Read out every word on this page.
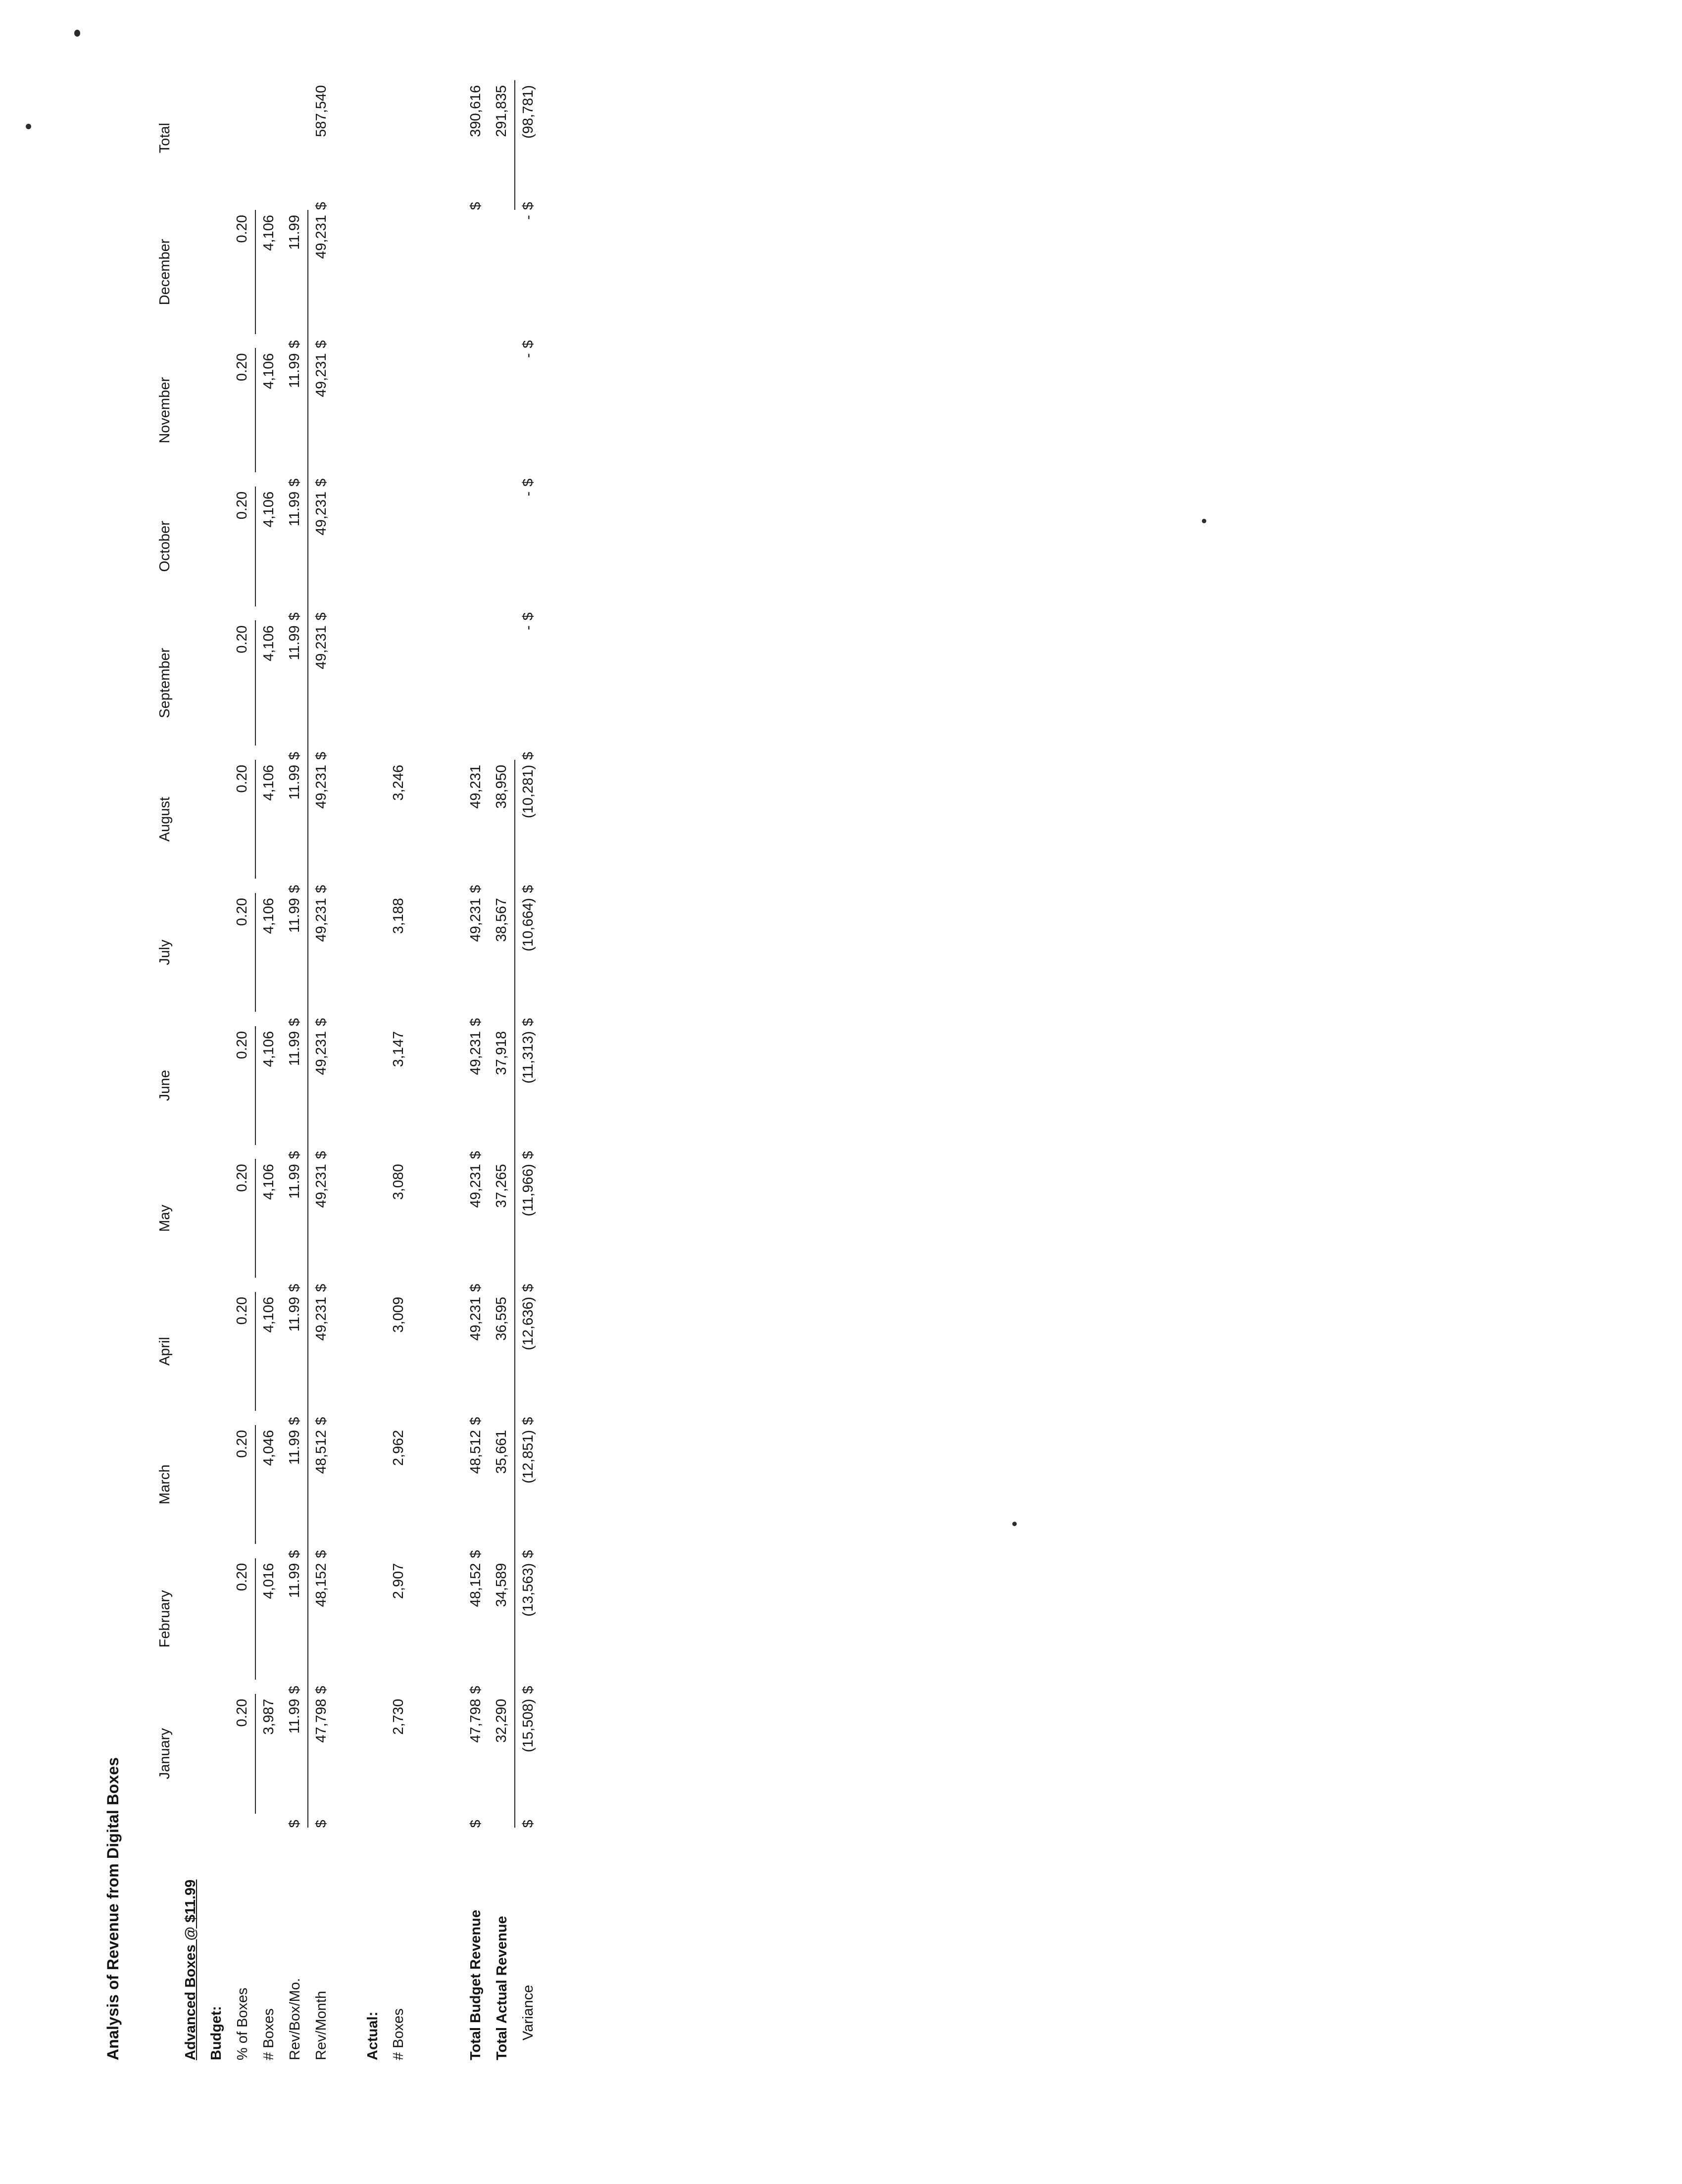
Analysis of Revenue from Digital Boxes
		January		February		March		April		May		June		July		August		September		October		November		December		Total
Advanced Boxes @ $11.99																										
Budget:																										
% of Boxes		0.20		0.20		0.20		0.20		0.20		0.20		0.20		0.20		0.20		0.20		0.20		0.20		
# Boxes		3,987		4,016		4,046		4,106		4,106		4,106		4,106		4,106		4,106		4,106		4,106		4,106		
Rev/Box/Mo.	$	11.99	$	11.99	$	11.99	$	11.99	$	11.99	$	11.99	$	11.99	$	11.99	$	11.99	$	11.99	$	11.99	$	11.99		
Rev/Month	$	47,798	$	48,152	$	48,512	$	49,231	$	49,231	$	49,231	$	49,231	$	49,231	$	49,231	$	49,231	$	49,231	$	49,231	$	587,540

Actual:																										
# Boxes		2,730		2,907		2,962		3,009		3,080		3,147		3,188		3,246										

Total Budget Revenue	$	47,798	$	48,152	$	48,512	$	49,231	$	49,231	$	49,231	$	49,231	$	49,231									$	390,616
Total Actual Revenue		32,290		34,589		35,661		36,595		37,265		37,918		38,567		38,950										291,835
Variance	$	(15,508)	$	(13,563)	$	(12,851)	$	(12,636)	$	(11,966)	$	(11,313)	$	(10,664)	$	(10,281)	$	-	$	-	$	-	$	-	$	(98,781)
